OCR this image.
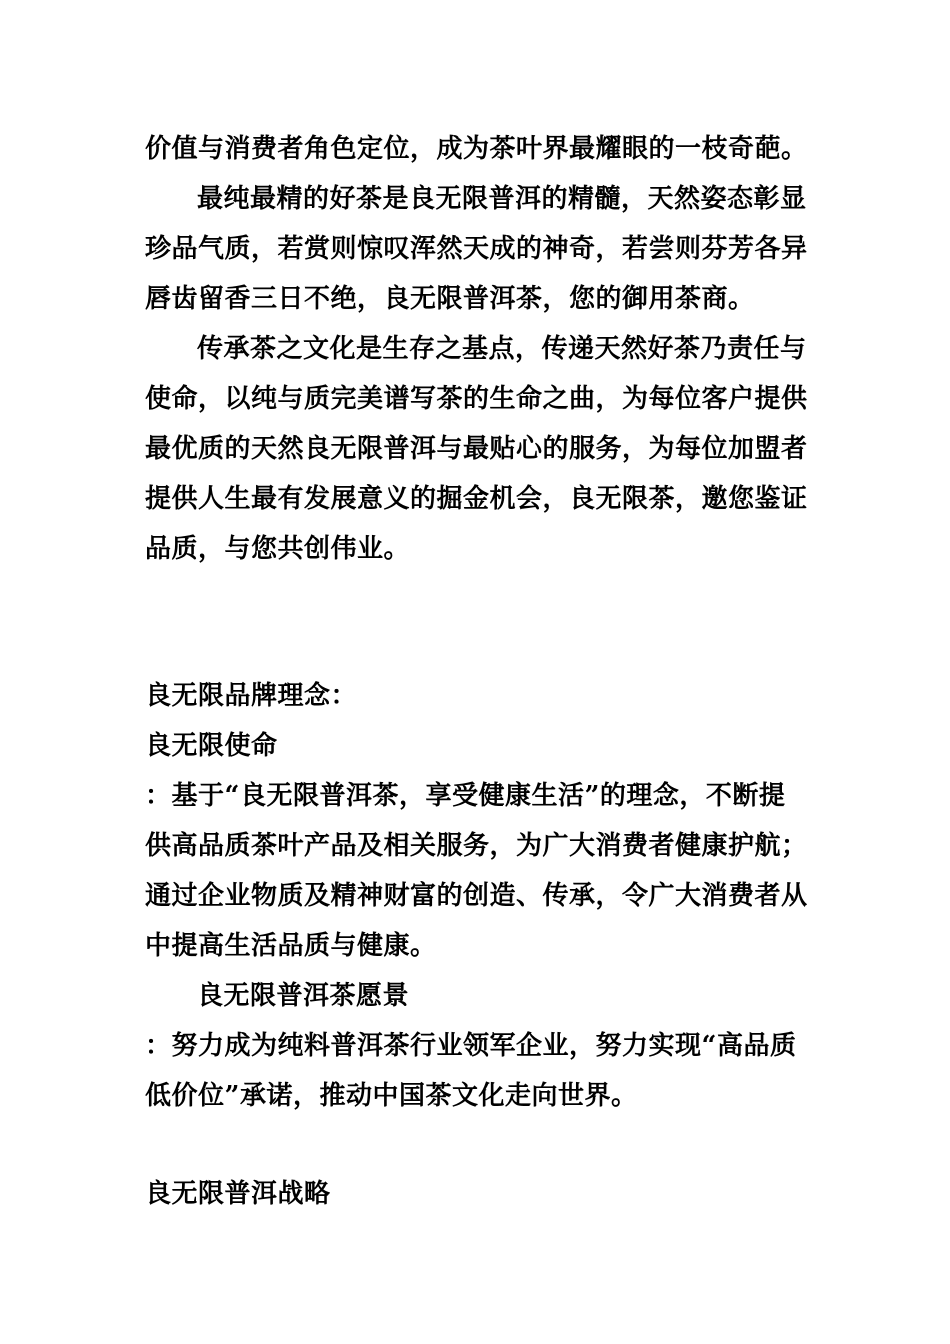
价值与消费者角色定位，成为茶叶界最耀眼的一枝奇葩。
最纯最精的好茶是良无限普洱的精髓，天然姿态彰显
珍品气质，若赏则惊叹浑然天成的神奇，若尝则芬芳各异
唇齿留香三日不绝，良无限普洱茶，您的御用茶商。
传承茶之文化是生存之基点，传递天然好茶乃责任与
使命，以纯与质完美谱写茶的生命之曲，为每位客户提供
最优质的天然良无限普洱与最贴心的服务，为每位加盟者
提供人生最有发展意义的掘金机会，良无限茶，邀您鉴证
品质，与您共创伟业。
良无限品牌理念：
良无限使命
：基于“良无限普洱茶，享受健康生活”的理念，不断提
供高品质茶叶产品及相关服务，为广大消费者健康护航；
通过企业物质及精神财富的创造、传承，令广大消费者从
中提高生活品质与健康。
良无限普洱茶愿景
：努力成为纯料普洱茶行业领军企业，努力实现“高品质
低价位”承诺，推动中国茶文化走向世界。
良无限普洱战略
